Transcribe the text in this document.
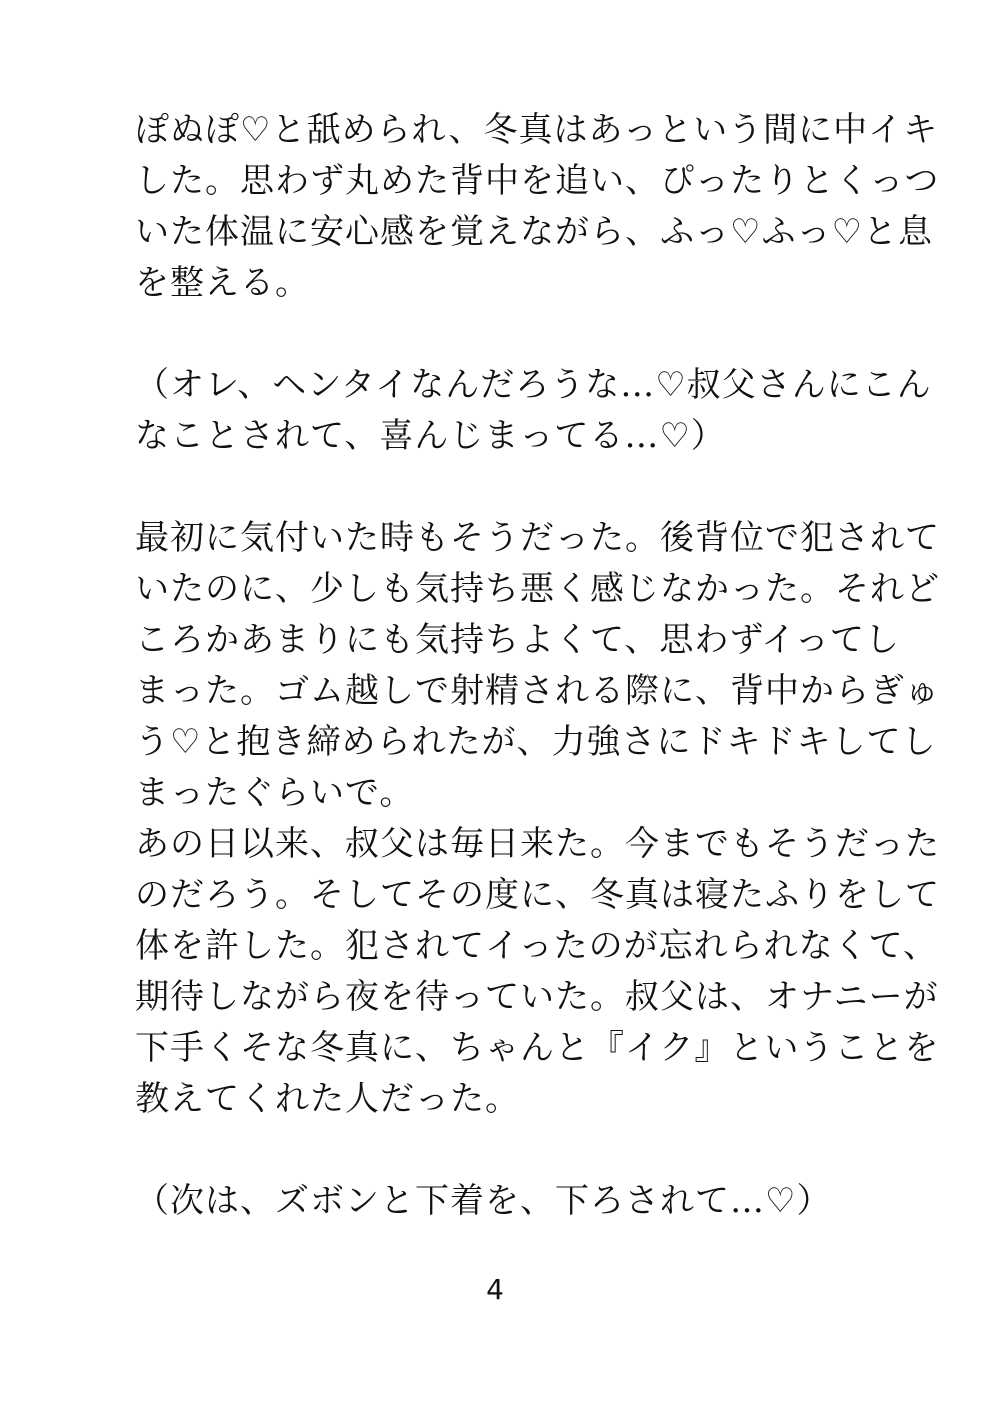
ぽぬぽ♡と舐められ、冬真はあっという間に中イキ
した。思わず丸めた背中を追い、ぴったりとくっつ
いた体温に安心感を覚えながら、ふっ♡ふっ♡と息
を整える。
（オレ、ヘンタイなんだろうな…♡叔父さんにこん
なことされて、喜んじまってる…♡）
最初に気付いた時もそうだった。後背位で犯されて
いたのに、少しも気持ち悪く感じなかった。それど
ころかあまりにも気持ちよくて、思わずイってし
まった。ゴム越しで射精される際に、背中からぎゅ
う♡と抱き締められたが、力強さにドキドキしてし
まったぐらいで。
あの日以来、叔父は毎日来た。今までもそうだった
のだろう。そしてその度に、冬真は寝たふりをして
体を許した。犯されてイったのが忘れられなくて、
期待しながら夜を待っていた。叔父は、オナニーが
下手くそな冬真に、ちゃんと『イク』ということを
教えてくれた人だった。
（次は、ズボンと下着を、下ろされて…♡）
4
